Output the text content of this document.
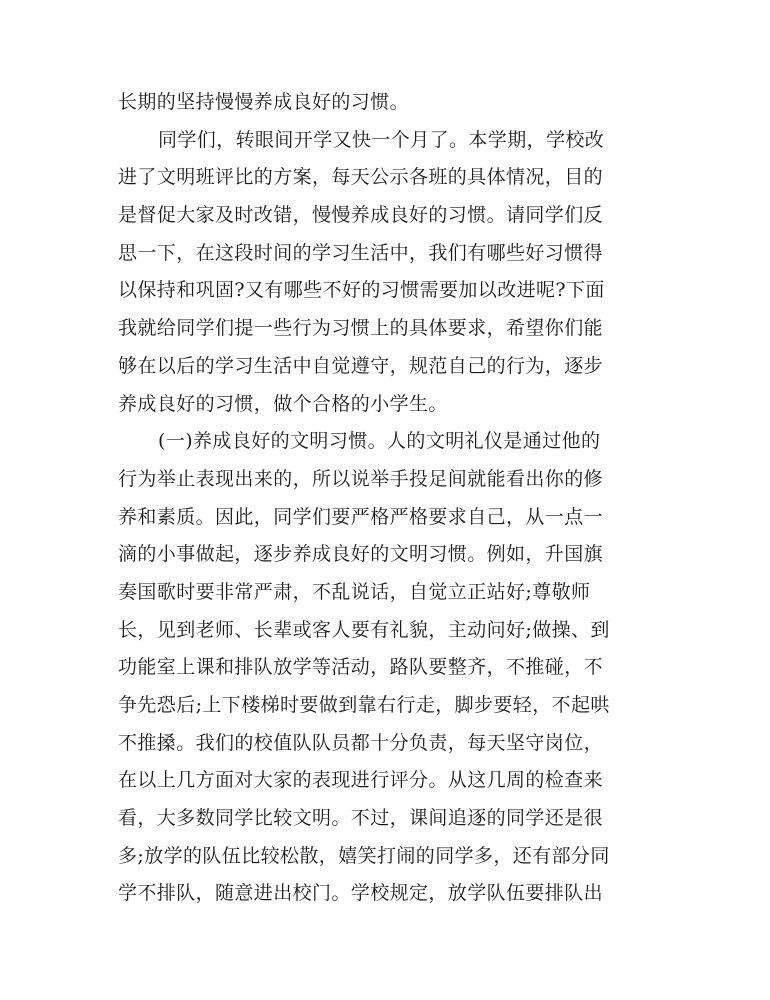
长期的坚持慢慢养成良好的习惯。
同学们，转眼间开学又快一个月了。本学期，学校改
进了文明班评比的方案，每天公示各班的具体情况，目的
是督促大家及时改错，慢慢养成良好的习惯。请同学们反
思一下，在这段时间的学习生活中，我们有哪些好习惯得
以保持和巩固?又有哪些不好的习惯需要加以改进呢?下面
我就给同学们提一些行为习惯上的具体要求，希望你们能
够在以后的学习生活中自觉遵守，规范自己的行为，逐步
养成良好的习惯，做个合格的小学生。
(一)养成良好的文明习惯。人的文明礼仪是通过他的
行为举止表现出来的，所以说举手投足间就能看出你的修
养和素质。因此，同学们要严格严格要求自己，从一点一
滴的小事做起，逐步养成良好的文明习惯。例如，升国旗
奏国歌时要非常严肃，不乱说话，自觉立正站好;尊敬师
长，见到老师、长辈或客人要有礼貌，主动问好;做操、到
功能室上课和排队放学等活动，路队要整齐，不推碰，不
争先恐后;上下楼梯时要做到靠右行走，脚步要轻，不起哄
不推搡。我们的校值队队员都十分负责，每天坚守岗位，
在以上几方面对大家的表现进行评分。从这几周的检查来
看，大多数同学比较文明。不过，课间追逐的同学还是很
多;放学的队伍比较松散，嬉笑打闹的同学多，还有部分同
学不排队，随意进出校门。学校规定，放学队伍要排队出
